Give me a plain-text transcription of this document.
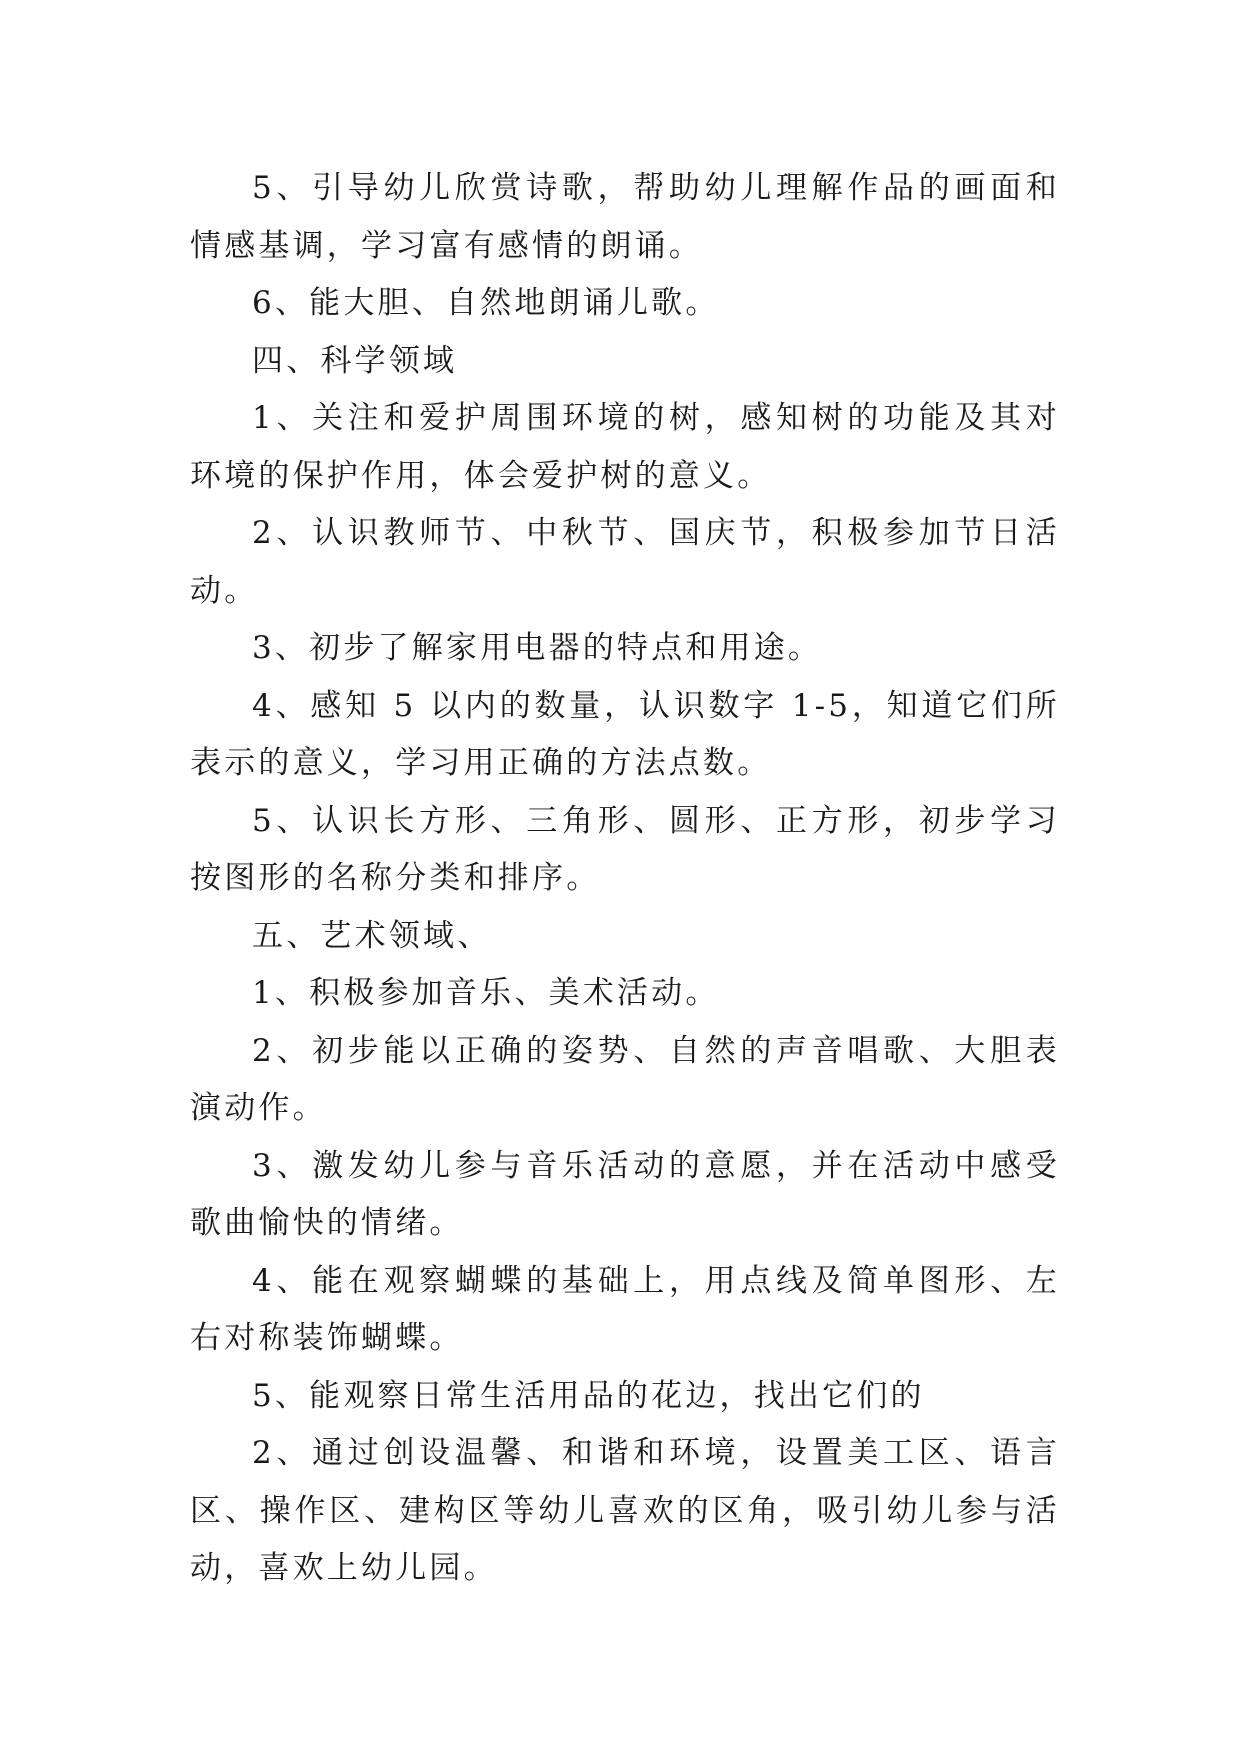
5、引导幼儿欣赏诗歌，帮助幼儿理解作品的画面和情感基调，学习富有感情的朗诵。

6、能大胆、自然地朗诵儿歌。

四、科学领域

1、关注和爱护周围环境的树，感知树的功能及其对环境的保护作用，体会爱护树的意义。

2、认识教师节、中秋节、国庆节，积极参加节日活动。

3、初步了解家用电器的特点和用途。

4、感知 5 以内的数量，认识数字 1-5，知道它们所表示的意义，学习用正确的方法点数。

5、认识长方形、三角形、圆形、正方形，初步学习按图形的名称分类和排序。

五、艺术领域、

1、积极参加音乐、美术活动。

2、初步能以正确的姿势、自然的声音唱歌、大胆表演动作。

3、激发幼儿参与音乐活动的意愿，并在活动中感受歌曲愉快的情绪。

4、能在观察蝴蝶的基础上，用点线及简单图形、左右对称装饰蝴蝶。

5、能观察日常生活用品的花边，找出它们的

2、通过创设温馨、和谐和环境，设置美工区、语言区、操作区、建构区等幼儿喜欢的区角，吸引幼儿参与活动，喜欢上幼儿园。
